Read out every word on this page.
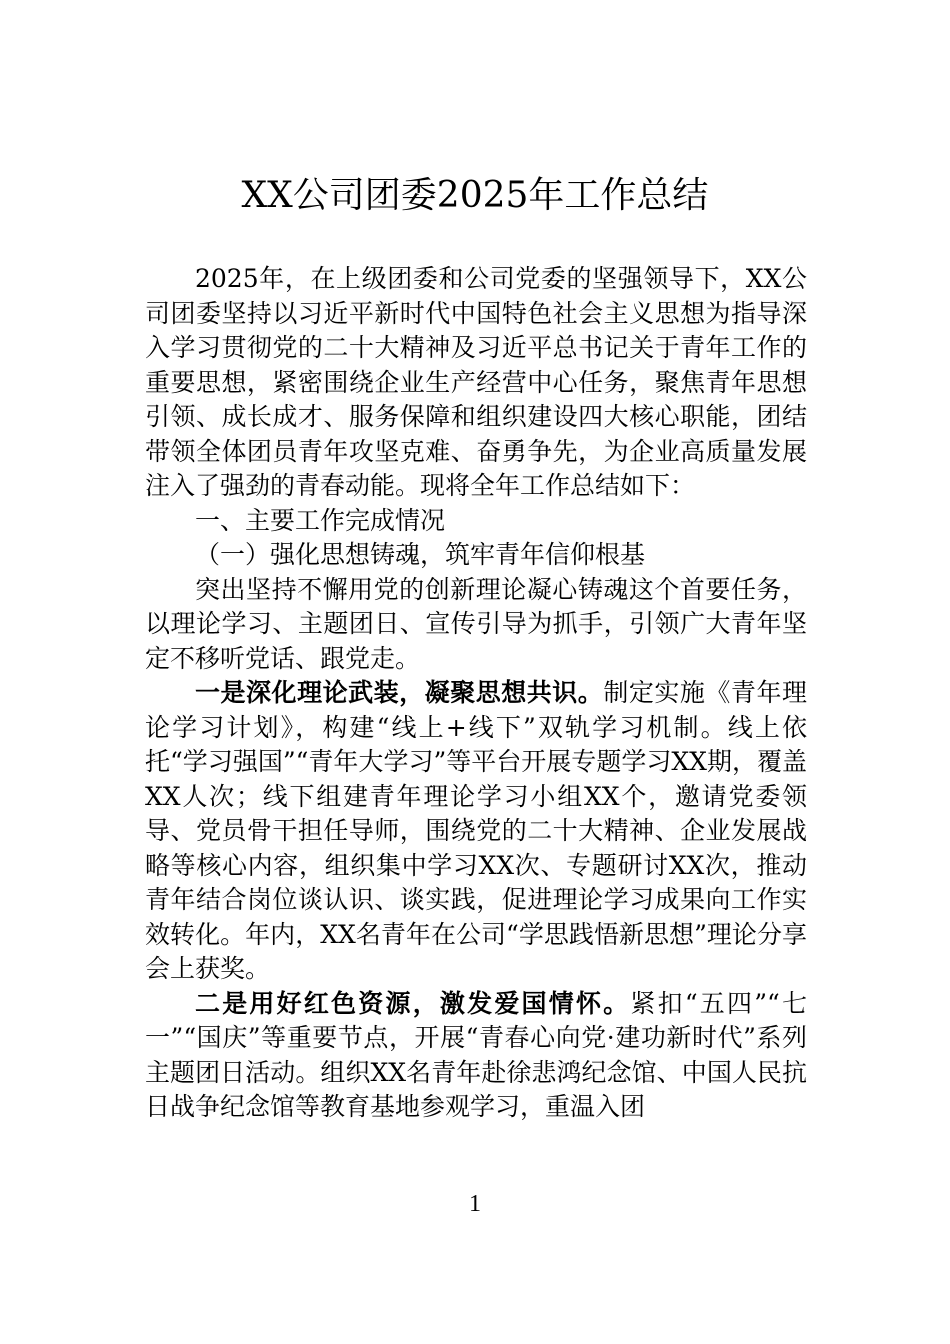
XX公司团委2025年工作总结

2025年，在上级团委和公司党委的坚强领导下，XX公司团委坚持以习近平新时代中国特色社会主义思想为指导深入学习贯彻党的二十大精神及习近平总书记关于青年工作的重要思想，紧密围绕企业生产经营中心任务，聚焦青年思想引领、成长成才、服务保障和组织建设四大核心职能，团结带领全体团员青年攻坚克难、奋勇争先，为企业高质量发展注入了强劲的青春动能。现将全年工作总结如下：

一、主要工作完成情况

（一）强化思想铸魂，筑牢青年信仰根基

突出坚持不懈用党的创新理论凝心铸魂这个首要任务，以理论学习、主题团日、宣传引导为抓手，引领广大青年坚定不移听党话、跟党走。

一是深化理论武装，凝聚思想共识。制定实施《青年理论学习计划》，构建“线上+线下”双轨学习机制。线上依托“学习强国”“青年大学习”等平台开展专题学习XX期，覆盖XX人次；线下组建青年理论学习小组XX个，邀请党委领导、党员骨干担任导师，围绕党的二十大精神、企业发展战略等核心内容，组织集中学习XX次、专题研讨XX次，推动青年结合岗位谈认识、谈实践，促进理论学习成果向工作实效转化。年内，XX名青年在公司“学思践悟新思想”理论分享会上获奖。

二是用好红色资源，激发爱国情怀。紧扣“五四”“七一”“国庆”等重要节点，开展“青春心向党·建功新时代”系列主题团日活动。组织XX名青年赴徐悲鸿纪念馆、中国人民抗日战争纪念馆等教育基地参观学习，重温入团

1
